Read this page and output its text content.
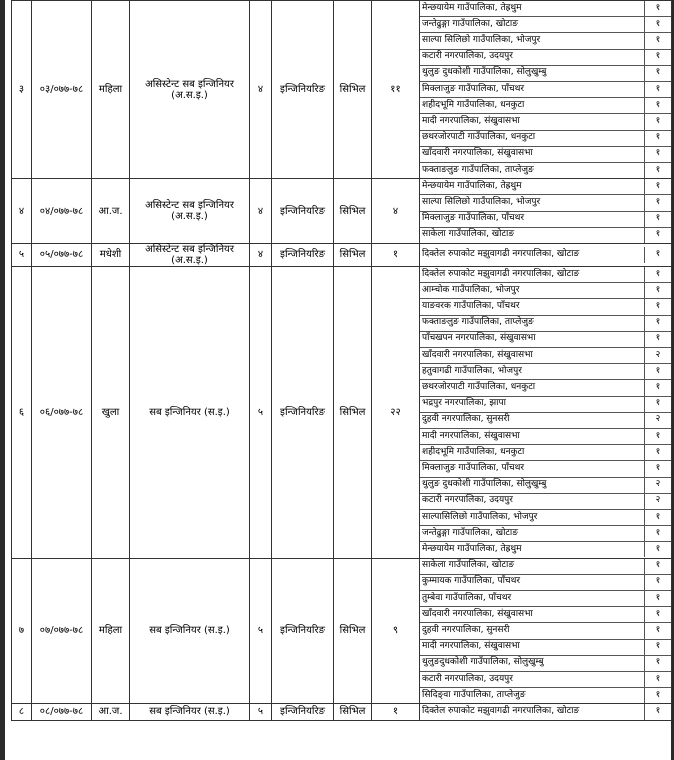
३	०३/०७७-७८	महिला	असिस्टेन्ट सब इन्जिनियर (अ.स.इ.)	४	इन्जिनियरिङ	सिभिल	११	
मेन्छयायेम गाउँपालिका, तेह्रथुम	१
जन्तेढुङ्गा गाउँपालिका, खोटाङ	१
साल्पा सिलिछो गाउँपालिका, भोजपुर	१
कटारी नगरपालिका, उदयपुर	१
थुलुङ दुधकोशी गाउँपालिका, सोलुखुम्बु	१
मिक्लाजुङ गाउँपालिका, पाँचथर	१
शहीदभूमि गाउँपालिका, धनकुटा	१
मादी नगरपालिका, संखुवासभा	१
छथरजोरपाटी गाउँपालिका, धनकुटा	१
खाँदवारी नगरपालिका, संखुवासभा	१
फक्ताङलुङ गाउँपालिका, ताप्लेजुङ	१

४	०४/०७७-७८	आ.ज.	असिस्टेन्ट सब इन्जिनियर (अ.स.इ.)	४	इन्जिनियरिङ	सिभिल	४	
मेन्छयायेम गाउँपालिका, तेह्रथुम	१
साल्पा सिलिछो गाउँपालिका, भोजपुर	१
मिक्लाजुङ गाउँपालिका, पाँचथर	१
साकेला गाउँपालिका, खोटाङ	१

५	०५/०७७-७८	मधेशी	असिस्टेन्ट सब इन्जिनियर (अ.स.इ.)	४	इन्जिनियरिङ	सिभिल	१		दिक्तेल रुपाकोट मझुवागढी नगरपालिका, खोटाङ	१

६	०६/०७७-७८	खुला	सब इन्जिनियर (स.इ.)	५	इन्जिनियरिङ	सिभिल	२२	
दिक्तेल रुपाकोट मझुवागढी नगरपालिका, खोटाङ	१
आम्चोक गाउँपालिका, भोजपुर	१
याङवरक गाउँपालिका, पाँचथर	१
फक्ताङलुङ गाउँपालिका, ताप्लेजुङ	१
पाँचखपन नगरपालिका, संखुवासभा	१
खाँदवारी नगरपालिका, संखुवासभा	२
हतुवागढी गाउँपालिका, भोजपुर	१
छथरजोरपाटी गाउँपालिका, धनकुटा	१
भद्रपुर नगरपालिका, झापा	१
दुहवी नगरपालिका, सुनसरी	२
मादी नगरपालिका, संखुवासभा	१
शहीदभूमि गाउँपालिका, धनकुटा	१
मिक्लाजुङ गाउँपालिका, पाँचथर	१
थुलुङ दुधकोशी गाउँपालिका, सोलुखुम्बु	२
कटारी नगरपालिका, उदयपुर	२
साल्पासिलिछो गाउँपालिका, भोजपुर	१
जन्तेढुङ्गा गाउँपालिका, खोटाङ	१
मेन्छयायेम गाउँपालिका, तेह्रथुम	१

७	०७/०७७-७८	महिला	सब इन्जिनियर (स.इ.)	५	इन्जिनियरिङ	सिभिल	९	
साकेला गाउँपालिका, खोटाङ	१
कुम्मायक गाउँपालिका, पाँचथर	१
तुम्बेवा गाउँपालिका, पाँचथर	१
खाँदवारी नगरपालिका, संखुवासभा	१
दुहवी नगरपालिका, सुनसरी	१
मादी नगरपालिका, संखुवासभा	१
थुलुङदुधकोशी गाउँपालिका, सोलुखुम्बु	१
कटारी नगरपालिका, उदयपुर	१
सिदिङ्वा गाउँपालिका, ताप्लेजुङ	१

८	०८/०७७-७८	आ.ज.	सब इन्जिनियर (स.इ.)	५	इन्जिनियरिङ	सिभिल	१		दिक्तेल रुपाकोट मझुवागढी नगरपालिका, खोटाङ	१
